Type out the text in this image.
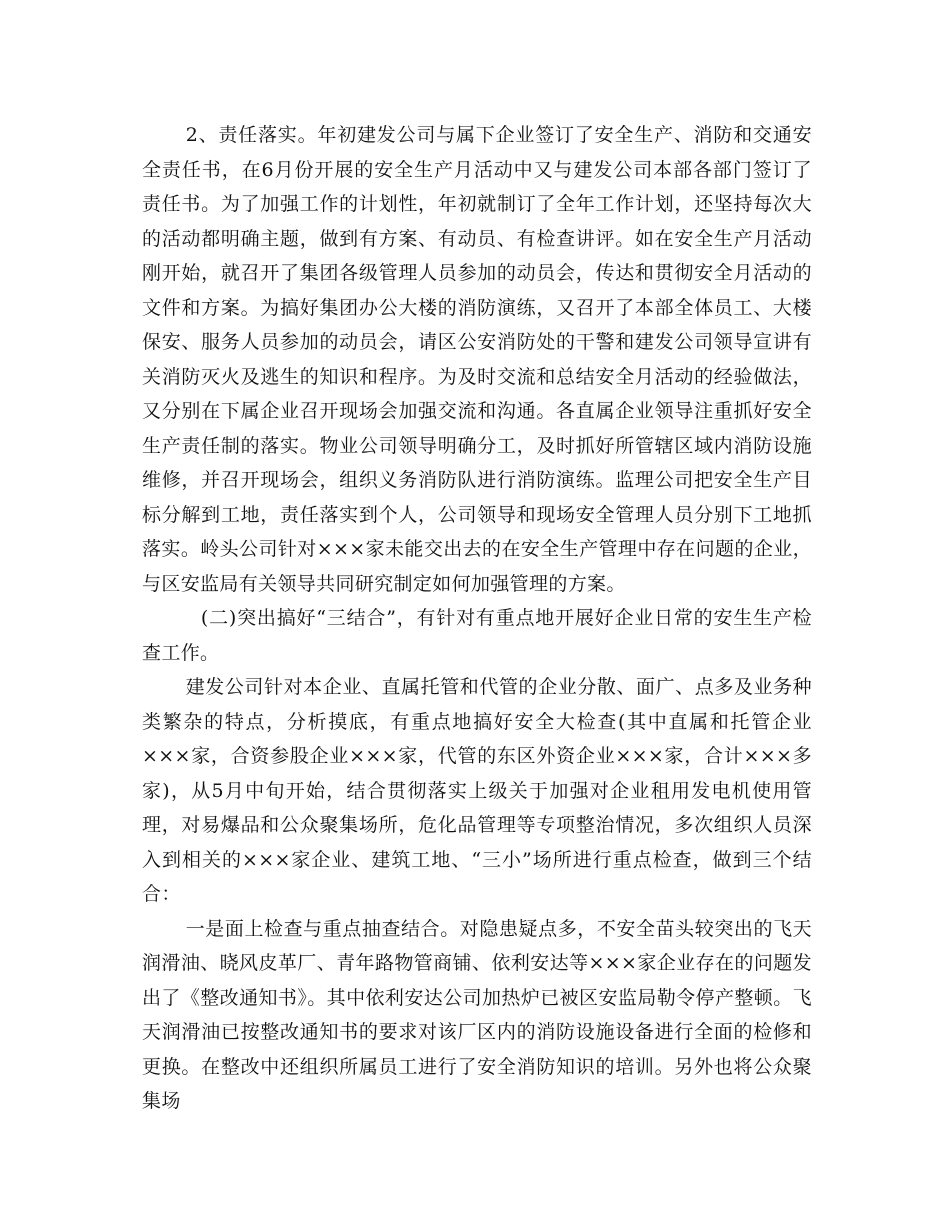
2、责任落实。年初建发公司与属下企业签订了安全生产、消防和交通安全责任书，在6月份开展的安全生产月活动中又与建发公司本部各部门签订了责任书。为了加强工作的计划性，年初就制订了全年工作计划，还坚持每次大的活动都明确主题，做到有方案、有动员、有检查讲评。如在安全生产月活动刚开始，就召开了集团各级管理人员参加的动员会，传达和贯彻安全月活动的文件和方案。为搞好集团办公大楼的消防演练，又召开了本部全体员工、大楼保安、服务人员参加的动员会，请区公安消防处的干警和建发公司领导宣讲有关消防灭火及逃生的知识和程序。为及时交流和总结安全月活动的经验做法，又分别在下属企业召开现场会加强交流和沟通。各直属企业领导注重抓好安全生产责任制的落实。物业公司领导明确分工，及时抓好所管辖区域内消防设施维修，并召开现场会，组织义务消防队进行消防演练。监理公司把安全生产目标分解到工地，责任落实到个人，公司领导和现场安全管理人员分别下工地抓落实。岭头公司针对×××家未能交出去的在安全生产管理中存在问题的企业，与区安监局有关领导共同研究制定如何加强管理的方案。

(二)突出搞好“三结合”，有针对有重点地开展好企业日常的安生生产检查工作。

建发公司针对本企业、直属托管和代管的企业分散、面广、点多及业务种类繁杂的特点，分析摸底，有重点地搞好安全大检查(其中直属和托管企业×××家，合资参股企业×××家，代管的东区外资企业×××家，合计×××多家)，从5月中旬开始，结合贯彻落实上级关于加强对企业租用发电机使用管理，对易爆品和公众聚集场所，危化品管理等专项整治情况，多次组织人员深入到相关的×××家企业、建筑工地、“三小”场所进行重点检查，做到三个结合：

一是面上检查与重点抽查结合。对隐患疑点多，不安全苗头较突出的飞天润滑油、晓风皮革厂、青年路物管商铺、依利安达等×××家企业存在的问题发出了《整改通知书》。其中依利安达公司加热炉已被区安监局勒令停产整顿。飞天润滑油已按整改通知书的要求对该厂区内的消防设施设备进行全面的检修和更换。在整改中还组织所属员工进行了安全消防知识的培训。另外也将公众聚集场
